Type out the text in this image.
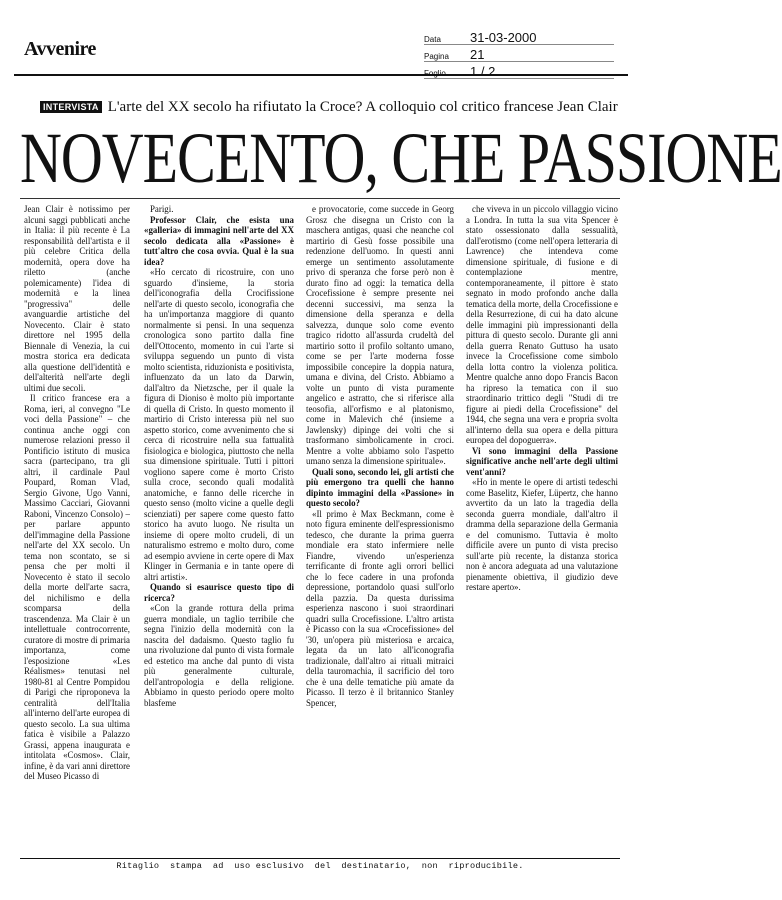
Avvenire	Data	31-03-2000
Pagina	21
Foglio	1 / 2
INTERVISTA L'arte del XX secolo ha rifiutato la Croce? A colloquio col critico francese Jean Clair
NOVECENTO, CHE PASSIONE

Jean Clair è notissimo per alcuni saggi pubblicati anche in Italia: il più recente è La responsabilità dell'artista e il più celebre Critica della modernità, opera dove ha riletto (anche polemicamente) l'idea di modernità e la linea "progressiva" delle avanguardie artistiche del Novecento. Clair è stato direttore nel 1995 della Biennale di Venezia, la cui mostra storica era dedicata alla questione dell'identità e dell'alterità nell'arte degli ultimi due secoli.

Il critico francese era a Roma, ieri, al convegno "Le voci della Passione" – che continua anche oggi con numerose relazioni presso il Pontificio istituto di musica sacra (partecipano, tra gli altri, il cardinale Paul Poupard, Roman Vlad, Sergio Givone, Ugo Vanni, Massimo Cacciari, Giovanni Raboni, Vincenzo Consolo) – per parlare appunto dell'immagine della Passione nell'arte del XX secolo. Un tema non scontato, se si pensa che per molti il Novecento è stato il secolo della morte dell'arte sacra, del nichilismo e della scomparsa della trascendenza. Ma Clair è un intellettuale controcorrente, curatore di mostre di primaria importanza, come l'esposizione «Les Réalismes» tenutasi nel 1980-81 al Centre Pompidou di Parigi che riproponeva la centralità dell'Italia all'interno dell'arte europea di questo secolo. La sua ultima fatica è visibile a Palazzo Grassi, appena inaugurata e intitolata «Cosmos». Clair, infine, è da vari anni direttore del Museo Picasso di

Parigi.

Professor Clair, che esista una «galleria» di immagini nell'arte del XX secolo dedicata alla «Passione» è tutt'altro che cosa ovvia. Qual è la sua idea?

«Ho cercato di ricostruire, con uno sguardo d'insieme, la storia dell'iconografia della Crocifissione nell'arte di questo secolo, iconografia che ha un'importanza maggiore di quanto normalmente si pensi. In una sequenza cronologica sono partito dalla fine dell'Ottocento, momento in cui l'arte si sviluppa seguendo un punto di vista molto scientista, riduzionista e positivista, influenzato da un lato da Darwin, dall'altro da Nietzsche, per il quale la figura di Dioniso è molto più importante di quella di Cristo. In questo momento il martirio di Cristo interessa più nel suo aspetto storico, come avvenimento che si cerca di ricostruire nella sua fattualità fisiologica e biologica, piuttosto che nella sua dimensione spirituale. Tutti i pittori vogliono sapere come è morto Cristo sulla croce, secondo quali modalità anatomiche, e fanno delle ricerche in questo senso (molto vicine a quelle degli scienziati) per sapere come questo fatto storico ha avuto luogo. Ne risulta un insieme di opere molto crudeli, di un naturalismo estremo e molto duro, come ad esempio avviene in certe opere di Max Klinger in Germania e in tante opere di altri artisti».

Quando si esaurisce questo tipo di ricerca?

«Con la grande rottura della prima guerra mondiale, un taglio terribile che segna l'inizio della modernità con la nascita del dadaismo. Questo taglio fu una rivoluzione dal punto di vista formale ed estetico ma anche dal punto di vista più generalmente culturale, dell'antropologia e della religione. Abbiamo in questo periodo opere molto blasfeme

e provocatorie, come succede in Georg Grosz che disegna un Cristo con la maschera antigas, quasi che neanche col martirio di Gesù fosse possibile una redenzione dell'uomo. In questi anni emerge un sentimento assolutamente privo di speranza che forse però non è durato fino ad oggi: la tematica della Crocefissione è sempre presente nei decenni successivi, ma senza la dimensione della speranza e della salvezza, dunque solo come evento tragico ridotto all'assurda crudeltà del martirio sotto il profilo soltanto umano, come se per l'arte moderna fosse impossibile concepire la doppia natura, umana e divina, del Cristo. Abbiamo a volte un punto di vista puramente angelico e astratto, che si riferisce alla teosofia, all'orfismo e al platonismo, come in Malevich ché (insieme a Jawlensky) dipinge dei volti che si trasformano simbolicamente in croci. Mentre a volte abbiamo solo l'aspetto umano senza la dimensione spirituale».

Quali sono, secondo lei, gli artisti che più emergono tra quelli che hanno dipinto immagini della «Passione» in questo secolo?

«Il primo è Max Beckmann, come è noto figura eminente dell'espressionismo tedesco, che durante la prima guerra mondiale era stato infermiere nelle Fiandre, vivendo un'esperienza terrificante di fronte agli orrori bellici che lo fece cadere in una profonda depressione, portandolo quasi sull'orlo della pazzia. Da questa durissima esperienza nascono i suoi straordinari quadri sulla Crocefissione. L'altro artista è Picasso con la sua «Crocefissione» del '30, un'opera più misteriosa e arcaica, legata da un lato all'iconografia tradizionale, dall'altro ai rituali mitraici della tauromachia, il sacrificio del toro che è una delle tematiche più amate da Picasso. Il terzo è il britannico Stanley Spencer,

che viveva in un piccolo villaggio vicino a Londra. In tutta la sua vita Spencer è stato ossessionato dalla sessualità, dall'erotismo (come nell'opera letteraria di Lawrence) che intendeva come dimensione spirituale, di fusione e di contemplazione mentre, contemporaneamente, il pittore è stato segnato in modo profondo anche dalla tematica della morte, della Crocefissione e della Resurrezione, di cui ha dato alcune delle immagini più impressionanti della pittura di questo secolo. Durante gli anni della guerra Renato Guttuso ha usato invece la Crocefissione come simbolo della lotta contro la violenza politica. Mentre qualche anno dopo Francis Bacon ha ripreso la tematica con il suo straordinario trittico degli "Studi di tre figure ai piedi della Crocefissione" del 1944, che segna una vera e propria svolta all'interno della sua opera e della pittura europea del dopoguerra».

Vi sono immagini della Passione significative anche nell'arte degli ultimi vent'anni?

«Ho in mente le opere di artisti tedeschi come Baselitz, Kiefer, Lüpertz, che hanno avvertito da un lato la tragedia della seconda guerra mondiale, dall'altro il dramma della separazione della Germania e del comunismo. Tuttavia è molto difficile avere un punto di vista preciso sull'arte più recente, la distanza storica non è ancora adeguata ad una valutazione pienamente obiettiva, il giudizio deve restare aperto».

Ritaglio  stampa  ad  uso esclusivo  del  destinatario,  non  riproducibile.
